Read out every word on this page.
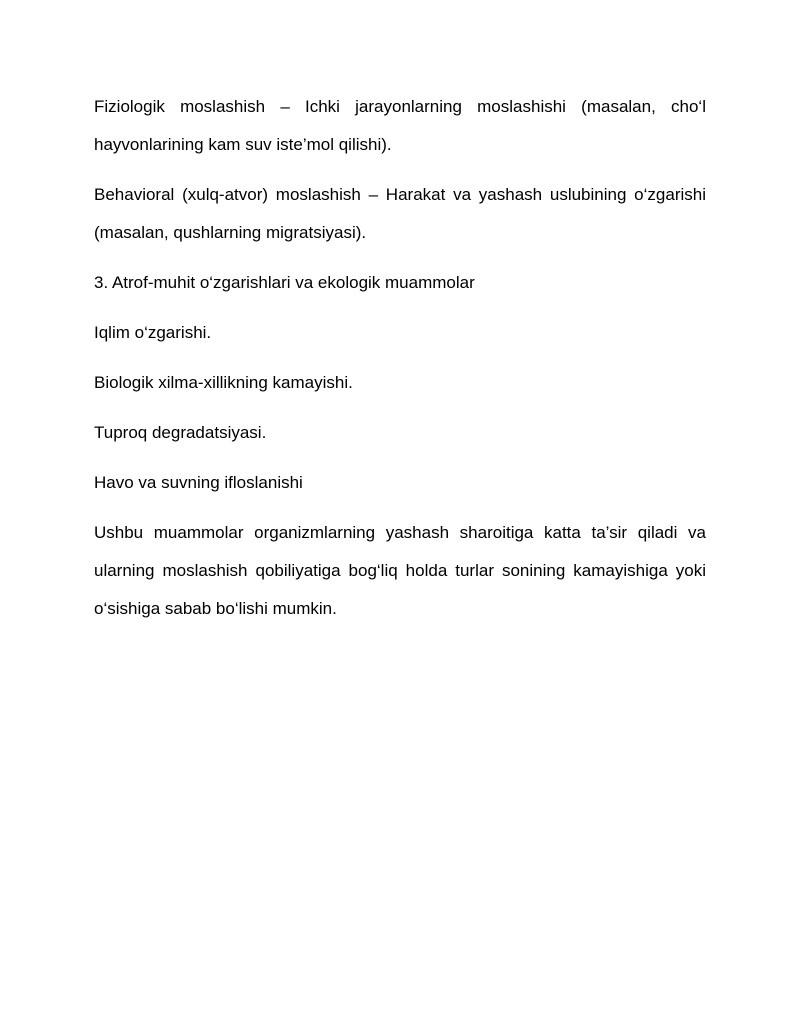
Fiziologik moslashish – Ichki jarayonlarning moslashishi (masalan, cho‘l hayvonlarining kam suv iste’mol qilishi).

Behavioral (xulq-atvor) moslashish – Harakat va yashash uslubining o‘zgarishi (masalan, qushlarning migratsiyasi).

3. Atrof-muhit o‘zgarishlari va ekologik muammolar

Iqlim o‘zgarishi.

Biologik xilma-xillikning kamayishi.

Tuproq degradatsiyasi.

Havo va suvning ifloslanishi

Ushbu muammolar organizmlarning yashash sharoitiga katta ta’sir qiladi va ularning moslashish qobiliyatiga bog‘liq holda turlar sonining kamayishiga yoki o‘sishiga sabab bo‘lishi mumkin.
